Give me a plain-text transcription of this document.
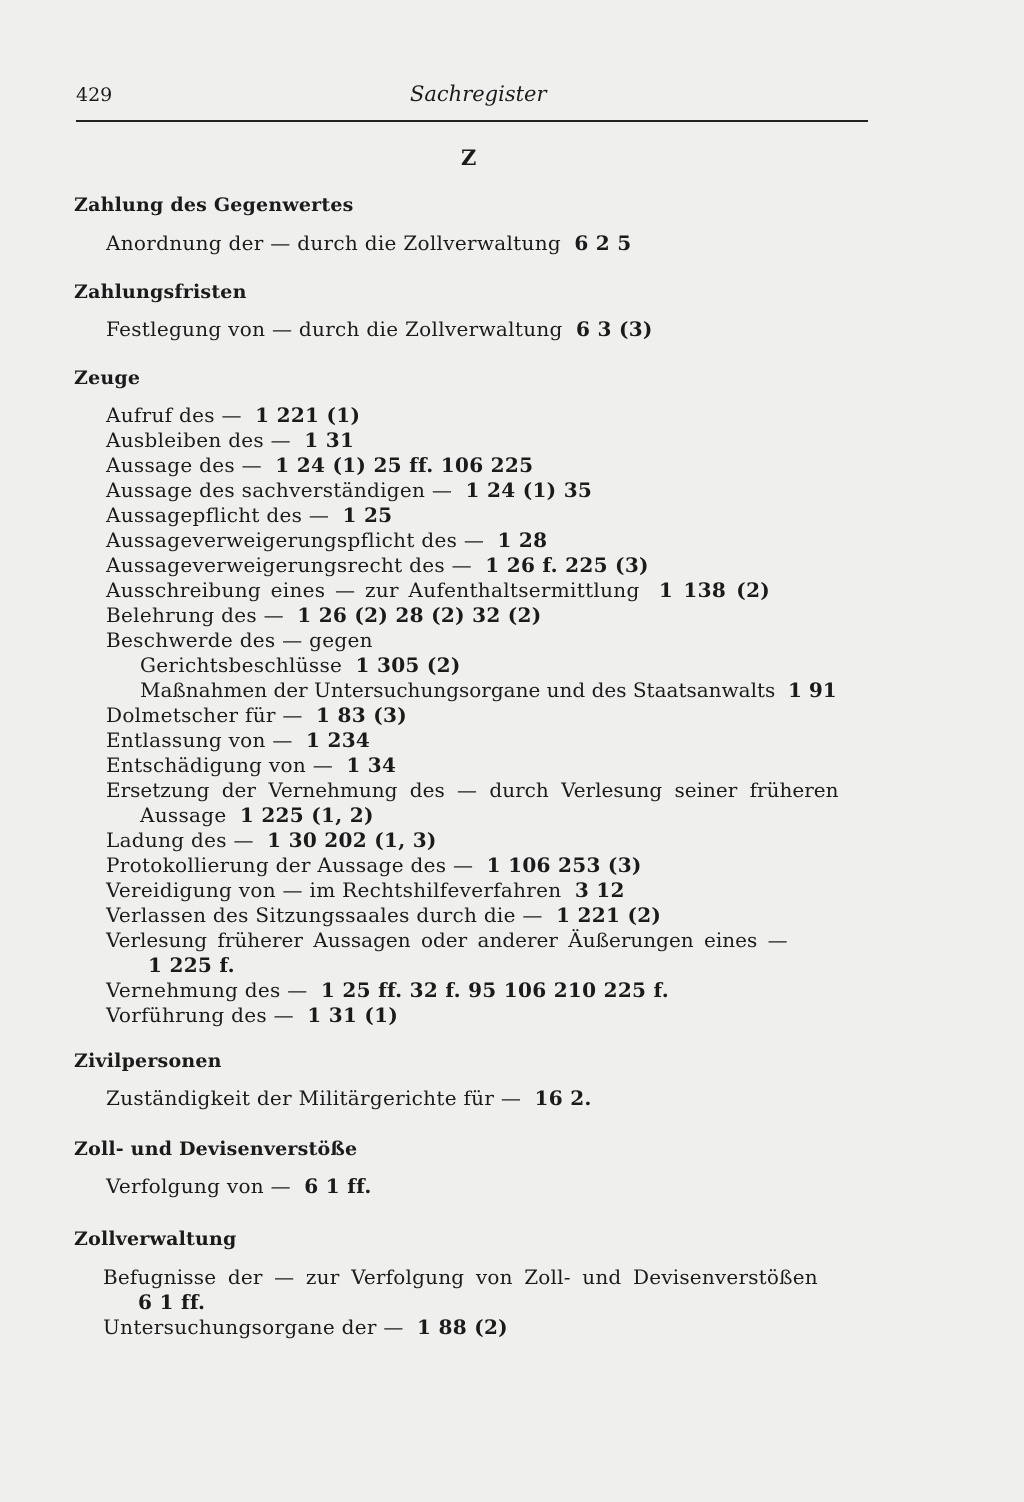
429	Sachregister
Z
Zahlung des Gegenwertes
Anordnung der — durch die Zollverwaltung 6 2 5
Zahlungsfristen
Festlegung von — durch die Zollverwaltung 6 3 (3)
Zeuge
Aufruf des — 1 221 (1)
Ausbleiben des — 1 31
Aussage des — 1 24 (1) 25 ff. 106 225
Aussage des sachverständigen — 1 24 (1) 35
Aussagepflicht des — 1 25
Aussageverweigerungspflicht des — 1 28
Aussageverweigerungsrecht des — 1 26 f. 225 (3)
Ausschreibung eines — zur Aufenthaltsermittlung 1 138 (2)
Belehrung des — 1 26 (2) 28 (2) 32 (2)
Beschwerde des — gegen
Gerichtsbeschlüsse 1 305 (2)
Maßnahmen der Untersuchungsorgane und des Staatsanwalts 1 91
Dolmetscher für — 1 83 (3)
Entlassung von — 1 234
Entschädigung von — 1 34
Ersetzung der Vernehmung des — durch Verlesung seiner früheren
Aussage 1 225 (1, 2)
Ladung des — 1 30 202 (1, 3)
Protokollierung der Aussage des — 1 106 253 (3)
Vereidigung von — im Rechtshilfeverfahren 3 12
Verlassen des Sitzungssaales durch die — 1 221 (2)
Verlesung früherer Aussagen oder anderer Äußerungen eines —
1 225 f.
Vernehmung des — 1 25 ff. 32 f. 95 106 210 225 f.
Vorführung des — 1 31 (1)
Zivilpersonen
Zuständigkeit der Militärgerichte für — 16 2.
Zoll- und Devisenverstöße
Verfolgung von — 6 1 ff.
Zollverwaltung
Befugnisse der — zur Verfolgung von Zoll- und Devisenverstößen
6 1 ff.
Untersuchungsorgane der — 1 88 (2)
